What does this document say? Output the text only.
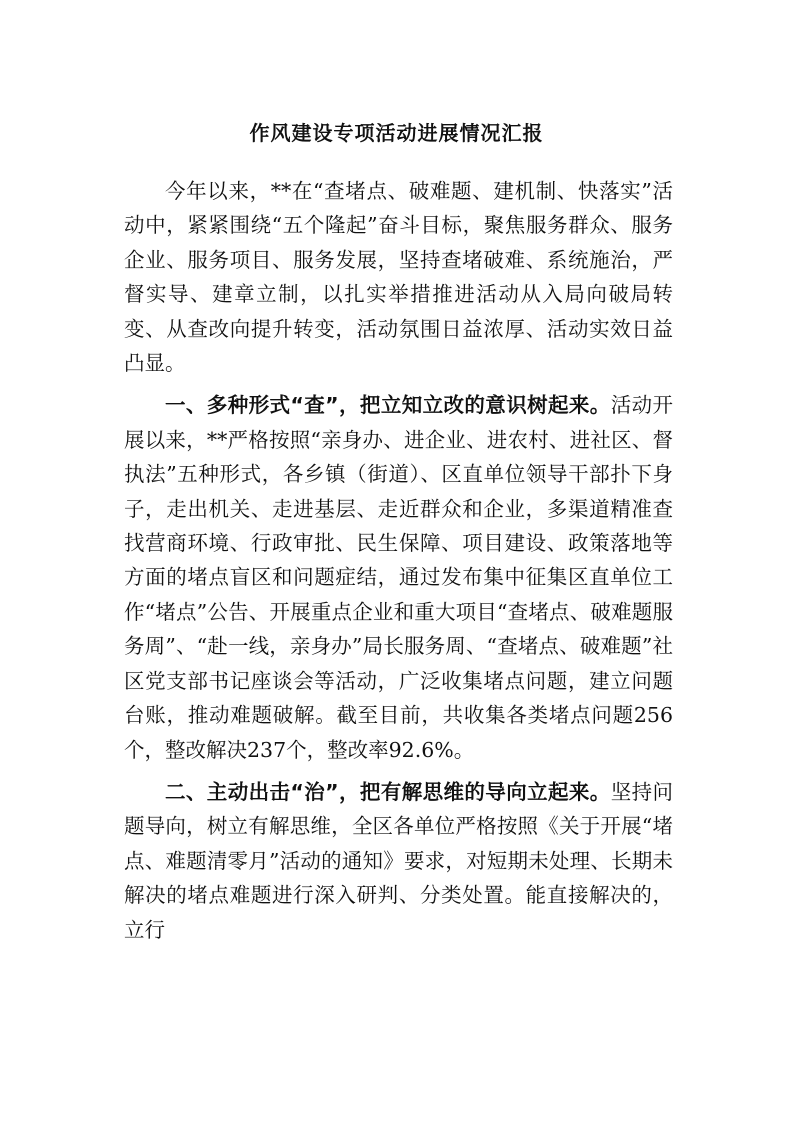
作风建设专项活动进展情况汇报

今年以来，**在“查堵点、破难题、建机制、快落实”活动中，紧紧围绕“五个隆起”奋斗目标，聚焦服务群众、服务企业、服务项目、服务发展，坚持查堵破难、系统施治，严督实导、建章立制，以扎实举措推进活动从入局向破局转变、从查改向提升转变，活动氛围日益浓厚、活动实效日益凸显。

一、多种形式“查”，把立知立改的意识树起来。活动开展以来，**严格按照“亲身办、进企业、进农村、进社区、督执法”五种形式，各乡镇（街道）、区直单位领导干部扑下身子，走出机关、走进基层、走近群众和企业，多渠道精准查找营商环境、行政审批、民生保障、项目建设、政策落地等方面的堵点盲区和问题症结，通过发布集中征集区直单位工作“堵点”公告、开展重点企业和重大项目“查堵点、破难题服务周”、“赴一线，亲身办”局长服务周、“查堵点、破难题”社区党支部书记座谈会等活动，广泛收集堵点问题，建立问题台账，推动难题破解。截至目前，共收集各类堵点问题256个，整改解决237个，整改率92.6%。

二、主动出击“治”，把有解思维的导向立起来。坚持问题导向，树立有解思维，全区各单位严格按照《关于开展“堵点、难题清零月”活动的通知》要求，对短期未处理、长期未解决的堵点难题进行深入研判、分类处置。能直接解决的，立行
